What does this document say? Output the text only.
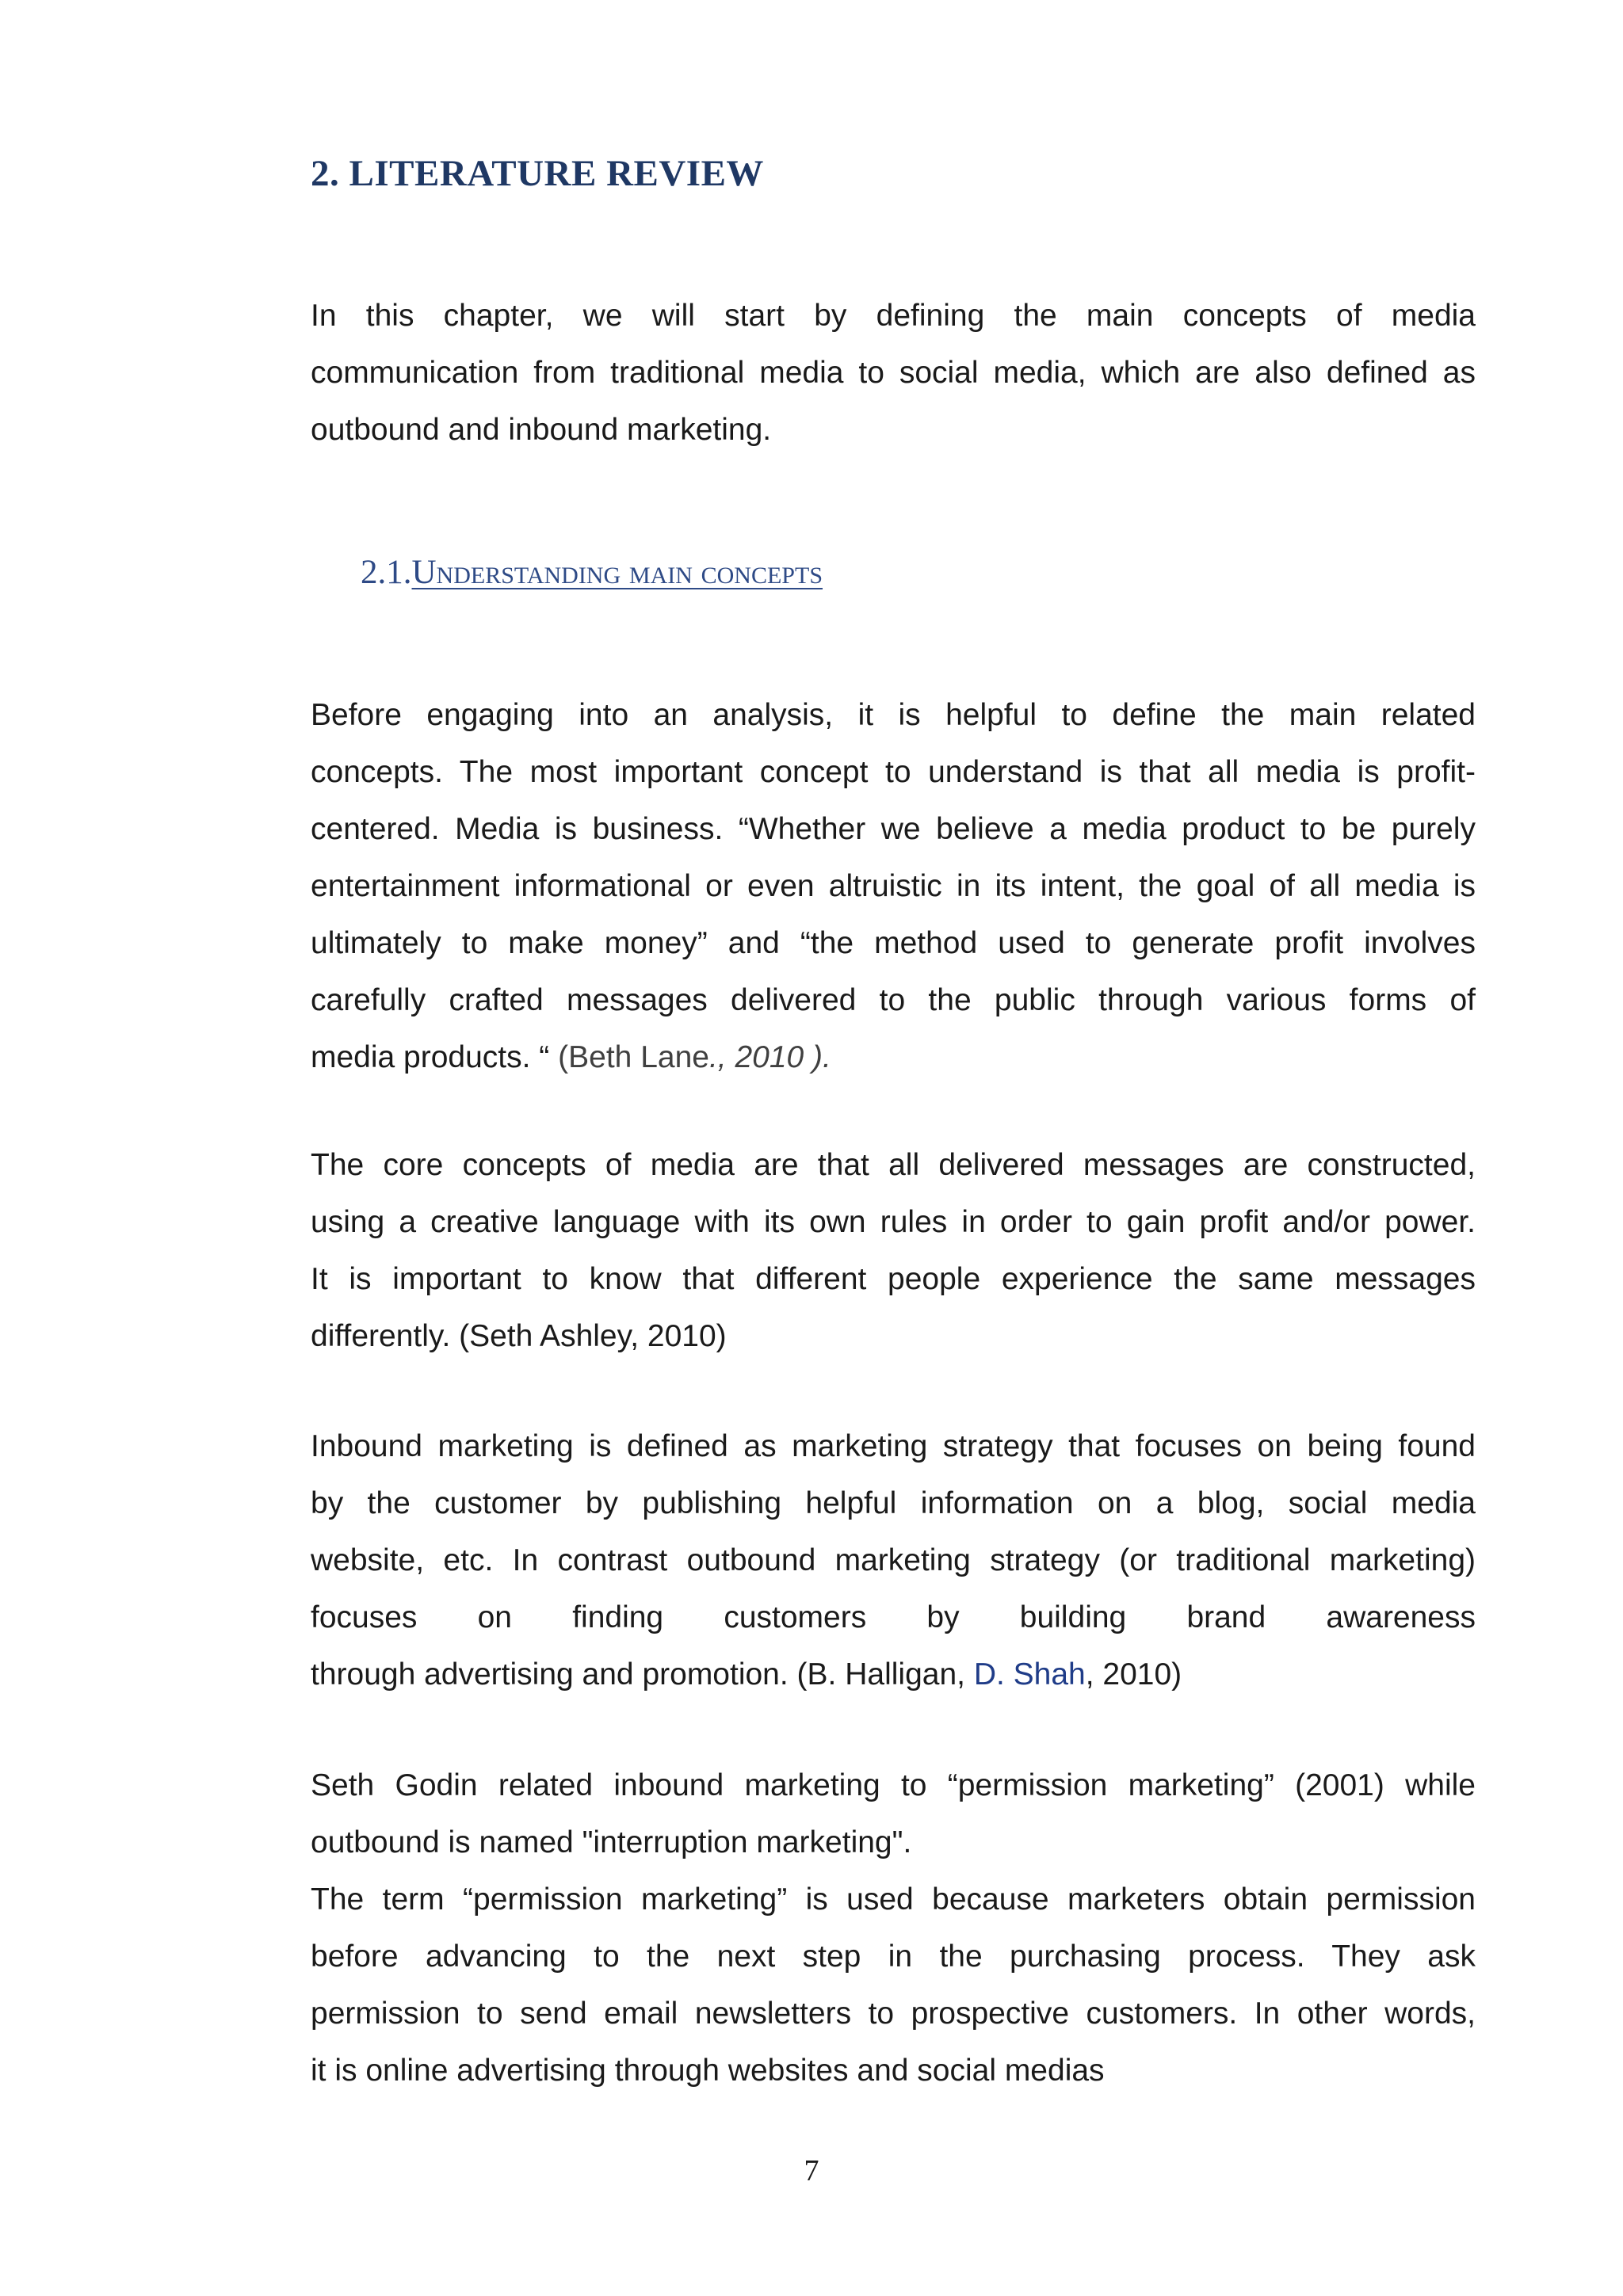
2. LITERATURE REVIEW
In this chapter, we will start by defining the main concepts of media
communication from traditional media to social media, which are also defined as
outbound and inbound marketing.
2.1.Understanding main concepts
Before engaging into an analysis, it is helpful to define the main related
concepts. The most important concept to understand is that all media is profit-
centered. Media is business. “Whether we believe a media product to be purely
entertainment informational or even altruistic in its intent, the goal of all media is
ultimately to make money” and “the method used to generate profit involves
carefully crafted messages delivered to the public through various forms of
media products. “ (Beth Lane., 2010 ).
The core concepts of media are that all delivered messages are constructed,
using a creative language with its own rules in order to gain profit and/or power.
It is important to know that different people experience the same messages
differently. (Seth Ashley, 2010)
Inbound marketing is defined as marketing strategy that focuses on being found
by the customer by publishing helpful information on a blog, social media
website, etc. In contrast outbound marketing strategy (or traditional marketing)
focuses on finding customers by building brand awareness
through advertising and promotion. (B. Halligan, D. Shah, 2010)
Seth Godin related inbound marketing to “permission marketing” (2001) while
outbound is named "interruption marketing".
The term “permission marketing” is used because marketers obtain permission
before advancing to the next step in the purchasing process. They ask
permission to send email newsletters to prospective customers. In other words,
it is online advertising through websites and social medias
7
